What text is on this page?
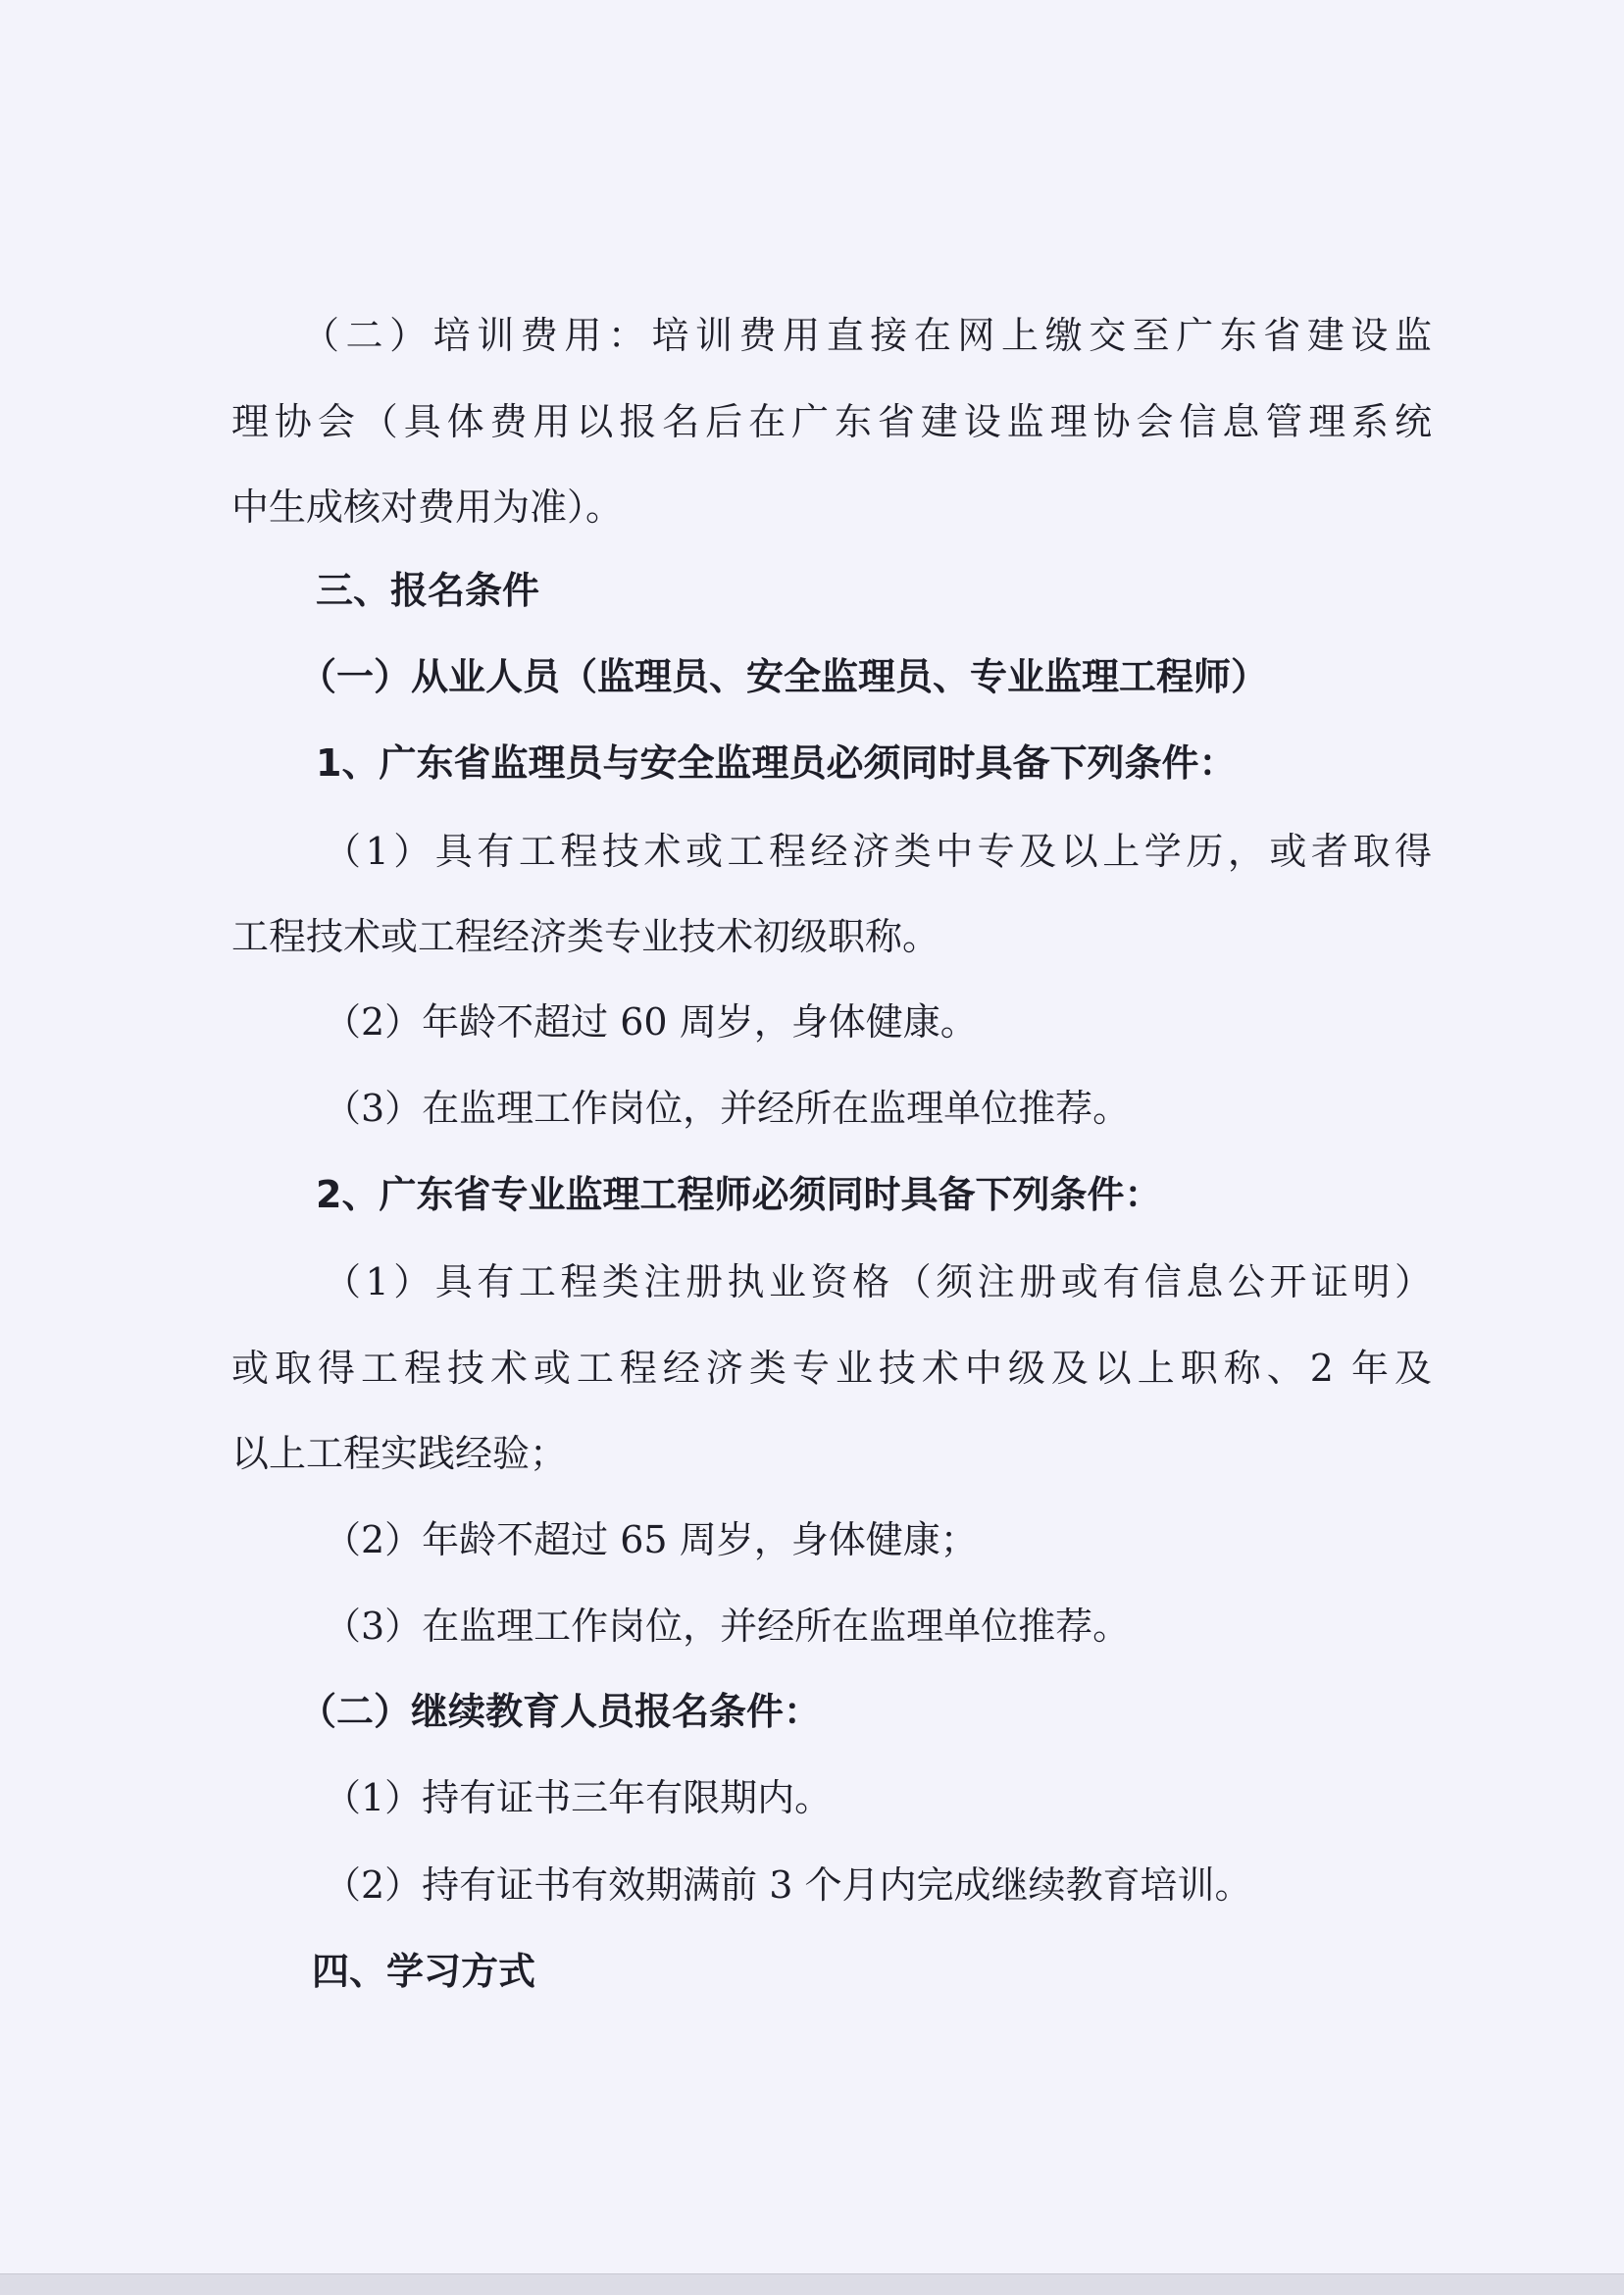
（二）培训费用：培训费用直接在网上缴交至广东省建设监
理协会（具体费用以报名后在广东省建设监理协会信息管理系统
中生成核对费用为准）。
三、报名条件
（一）从业人员（监理员、安全监理员、专业监理工程师）
1、广东省监理员与安全监理员必须同时具备下列条件：
（1）具有工程技术或工程经济类中专及以上学历，或者取得
工程技术或工程经济类专业技术初级职称。
（2）年龄不超过 60 周岁，身体健康。
（3）在监理工作岗位，并经所在监理单位推荐。
2、广东省专业监理工程师必须同时具备下列条件：
（1）具有工程类注册执业资格（须注册或有信息公开证明）
或取得工程技术或工程经济类专业技术中级及以上职称、2 年及
以上工程实践经验；
（2）年龄不超过 65 周岁，身体健康；
（3）在监理工作岗位，并经所在监理单位推荐。
（二）继续教育人员报名条件：
（1）持有证书三年有限期内。
（2）持有证书有效期满前 3 个月内完成继续教育培训。
四、学习方式
